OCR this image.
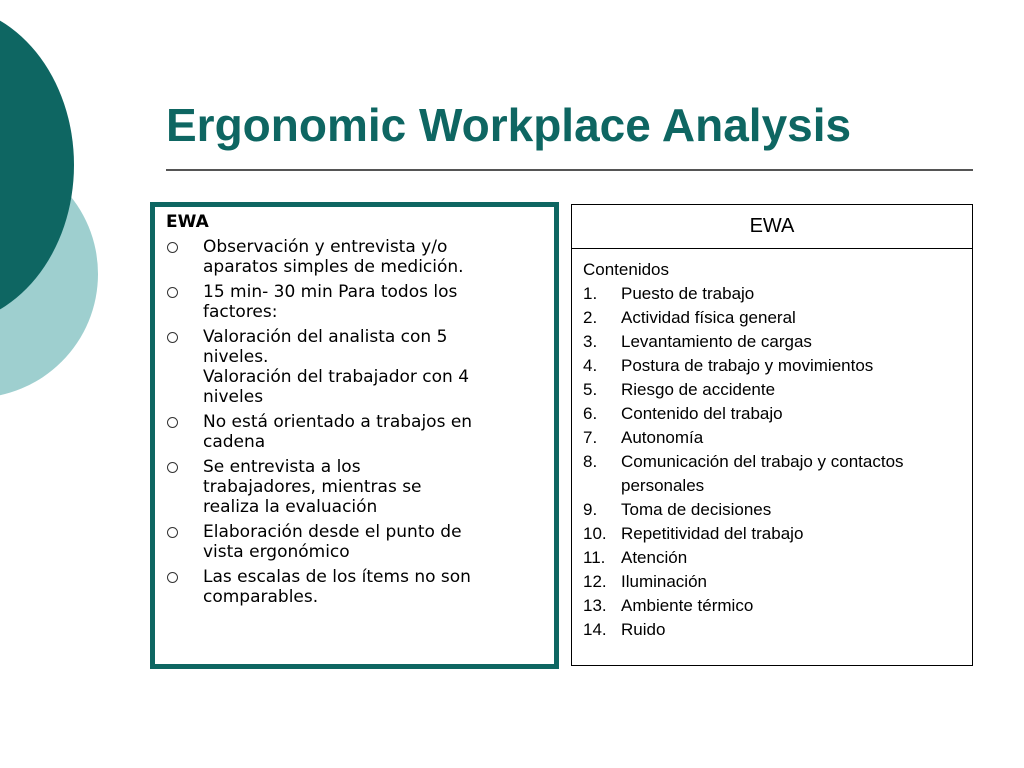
Ergonomic Workplace Analysis
EWA
Observación y entrevista y/o
aparatos simples de medición.
15 min- 30 min Para todos los
factores:
Valoración del analista con 5
niveles.
Valoración del trabajador con 4
niveles
No está orientado a trabajos en
cadena
Se entrevista a los
trabajadores, mientras se
realiza la evaluación
Elaboración desde el punto de
vista ergonómico
Las escalas de los ítems no son
comparables.
EWA
Contenidos
1. Puesto de trabajo
2. Actividad física general
3. Levantamiento de cargas
4. Postura de trabajo y movimientos
5. Riesgo de accidente
6. Contenido del trabajo
7. Autonomía
8. Comunicación del trabajo y contactos personales
9. Toma de decisiones
10. Repetitividad del trabajo
11. Atención
12. Iluminación
13. Ambiente térmico
14. Ruido
